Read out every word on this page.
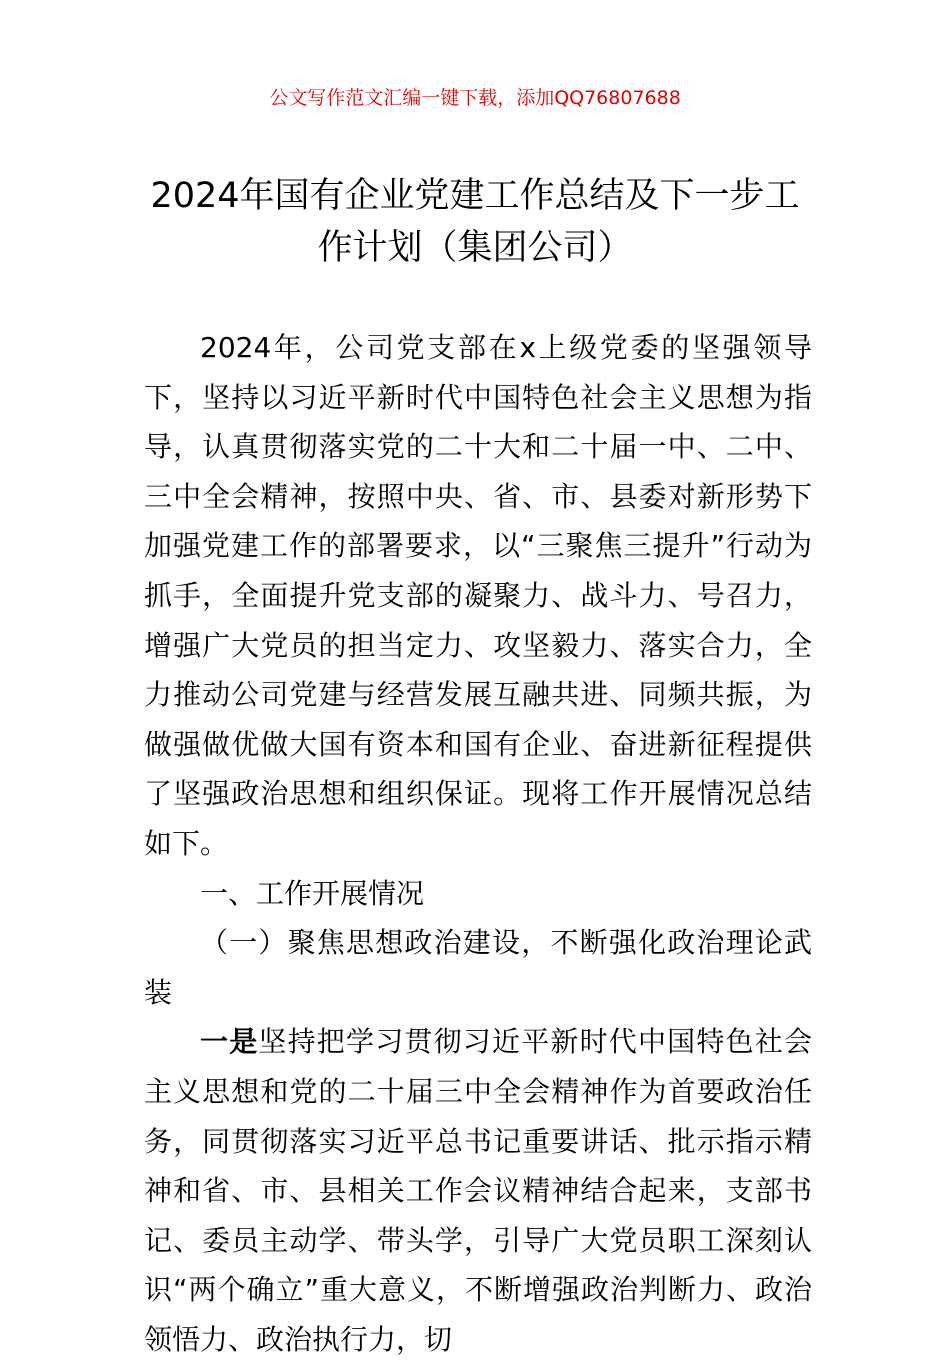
公文写作范文汇编一键下载，添加QQ76807688
2024年国有企业党建工作总结及下一步工
作计划（集团公司）

2024年，公司党支部在x上级党委的坚强领导下，坚持以习近平新时代中国特色社会主义思想为指导，认真贯彻落实党的二十大和二十届一中、二中、三中全会精神，按照中央、省、市、县委对新形势下加强党建工作的部署要求，以“三聚焦三提升”行动为抓手，全面提升党支部的凝聚力、战斗力、号召力，增强广大党员的担当定力、攻坚毅力、落实合力，全力推动公司党建与经营发展互融共进、同频共振，为做强做优做大国有资本和国有企业、奋进新征程提供了坚强政治思想和组织保证。现将工作开展情况总结如下。

一、工作开展情况

（一）聚焦思想政治建设，不断强化政治理论武装

一是坚持把学习贯彻习近平新时代中国特色社会主义思想和党的二十届三中全会精神作为首要政治任务，同贯彻落实习近平总书记重要讲话、批示指示精神和省、市、县相关工作会议精神结合起来，支部书记、委员主动学、带头学，引导广大党员职工深刻认识“两个确立”重大意义，不断增强政治判断力、政治领悟力、政治执行力，切
